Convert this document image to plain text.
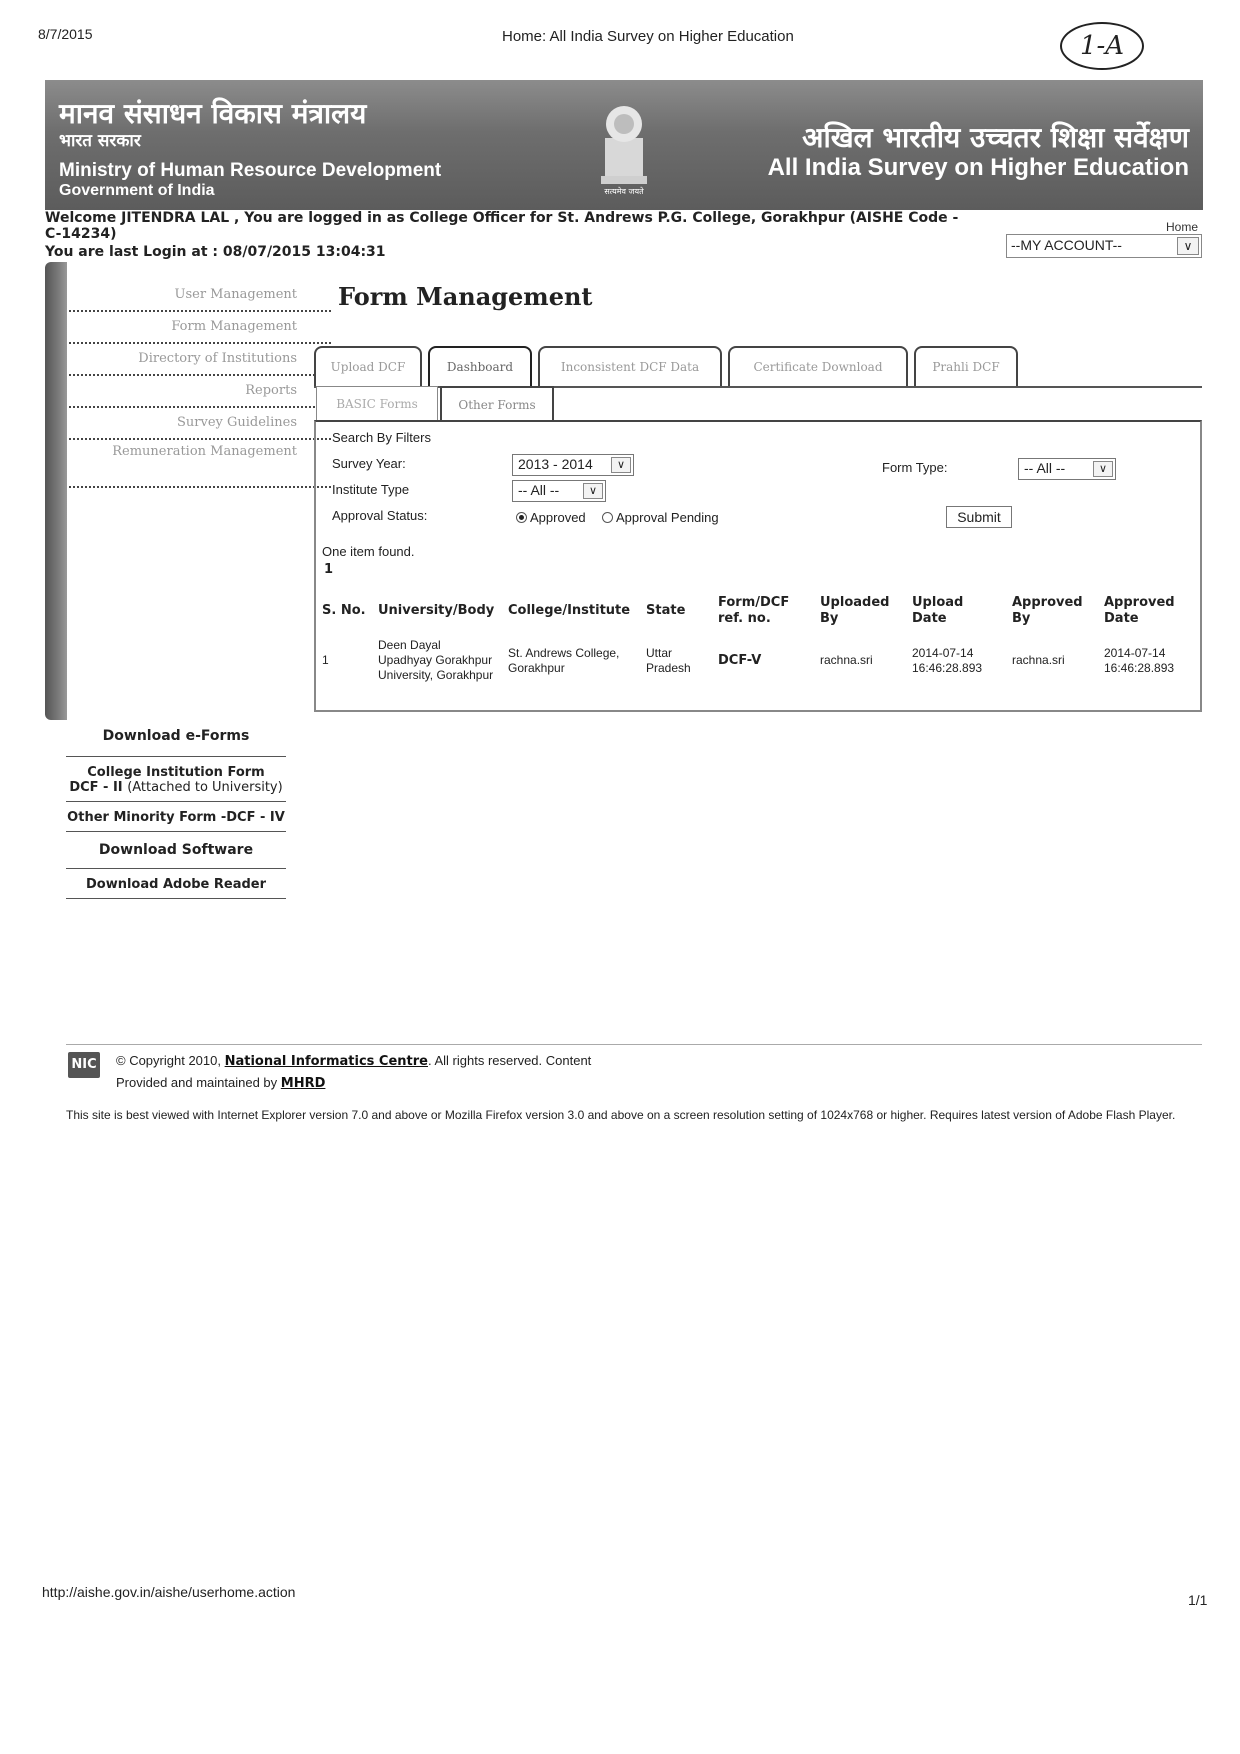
8/7/2015	Home: All India Survey on Higher Education	1-A
मानव संसाधन विकास मंत्रालय
भारत सरकार
Ministry of Human Resource Development
Government of India	सत्यमेव जयते
अखिल भारतीय उच्चतर शिक्षा सर्वेक्षण
All India Survey on Higher Education
Welcome JITENDRA LAL , You are logged in as College Officer for St. Andrews P.G. College, Gorakhpur (AISHE Code - C-14234)
You are last Login at : 08/07/2015 13:04:31
Home
--MY ACCOUNT--	∨
User Management
Form Management
Directory of Institutions
Reports
Survey Guidelines
Remuneration Management
Download e-Forms
College Institution Form
DCF - II (Attached to University)
Other Minority Form -DCF - IV
Download Software
Download Adobe Reader
Form Management
Upload DCF	Dashboard	Inconsistent DCF Data	Certificate Download	Prahli DCF
BASIC Forms	Other Forms
Search By Filters
Survey Year:	2013 - 2014	∨
Institute Type	-- All --	∨
Approval Status:	Approved	Approval Pending
Form Type:	-- All --	∨
Submit
One item found.
1
S. No.	University/Body	College/Institute	State	Form/DCF ref. no.	Uploaded By	Upload Date	Approved By	Approved Date
1	Deen Dayal Upadhyay Gorakhpur University, Gorakhpur	St. Andrews College, Gorakhpur	Uttar Pradesh	DCF-V	rachna.sri	2014-07-14 16:46:28.893	rachna.sri	2014-07-14 16:46:28.893
NIC © Copyright 2010, National Informatics Centre. All rights reserved. Content
Provided and maintained by MHRD
This site is best viewed with Internet Explorer version 7.0 and above or Mozilla Firefox version 3.0 and above on a screen resolution setting of 1024x768 or higher. Requires latest version of Adobe Flash Player.
http://aishe.gov.in/aishe/userhome.action	1/1
